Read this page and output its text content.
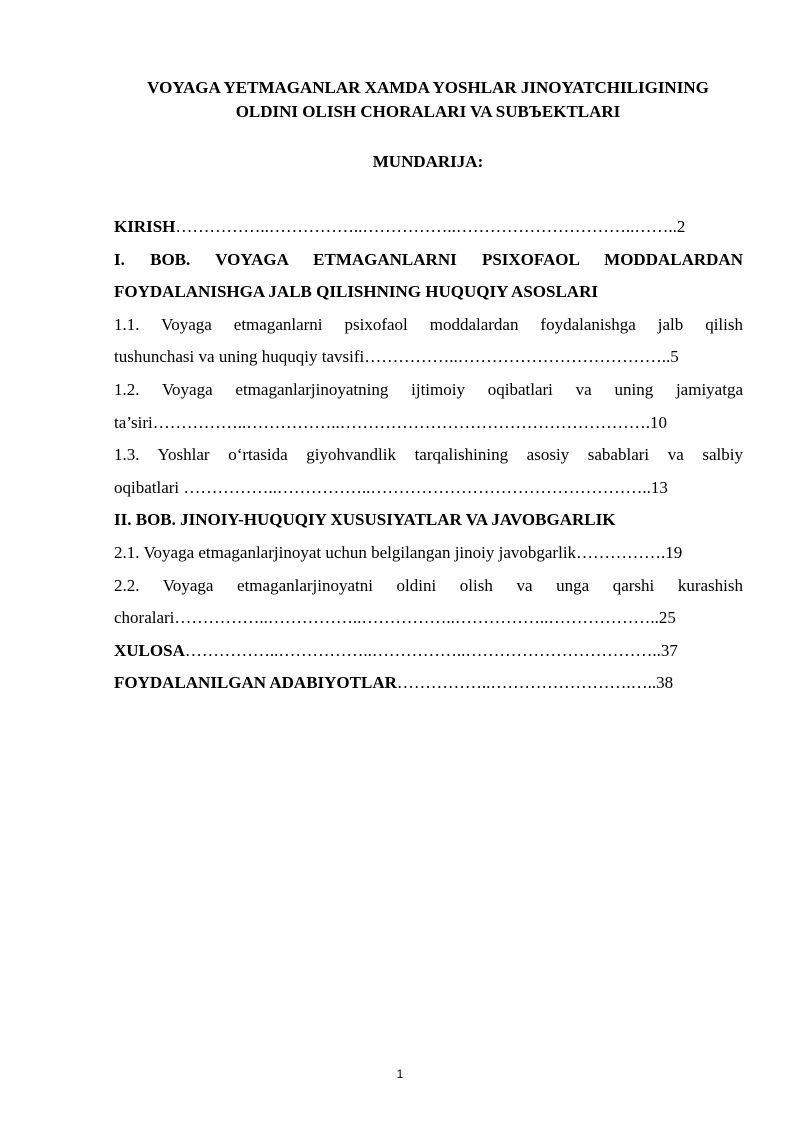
VOYAGA YETMAGANLAR XAMDA YOSHLAR JINOYATCHILIGINING

OLDINI OLISH CHORALARI VA SUBЪEKTLARI

MUNDARIJA:

KIRISH……………..……………..……………..…………………………..……..2
I. BOB. VOYAGA ETMAGANLARNI PSIXOFAOL MODDALARDAN
FOYDALANISHGA JALB QILISHNING HUQUQIY ASOSLARI
1.1. Voyaga etmaganlarni psixofaol moddalardan foydalanishga jalb qilish
tushunchasi va uning huquqiy tavsifi……………..………………………………..5
1.2. Voyaga etmaganlarjinoyatning ijtimoiy oqibatlari va uning jamiyatga
ta’siri……………..……………..……………………………………………….10
1.3. Yoshlar oʻrtasida giyohvandlik tarqalishining asosiy sabablari va salbiy
oqibatlari ……………..……………..…………………………………………..13
II. BOB. JINOIY-HUQUQIY XUSUSIYATLAR VA JAVOBGARLIK
2.1. Voyaga etmaganlarjinoyat uchun belgilangan jinoiy javobgarlik…………….19
2.2. Voyaga etmaganlarjinoyatni oldini olish va unga qarshi kurashish
choralari……………..……………..……………..……………..………………..25
XULOSA……………..……………..……………..……………………………..37
FOYDALANILGAN ADABIYOTLAR……………..…………………….…..38
1
